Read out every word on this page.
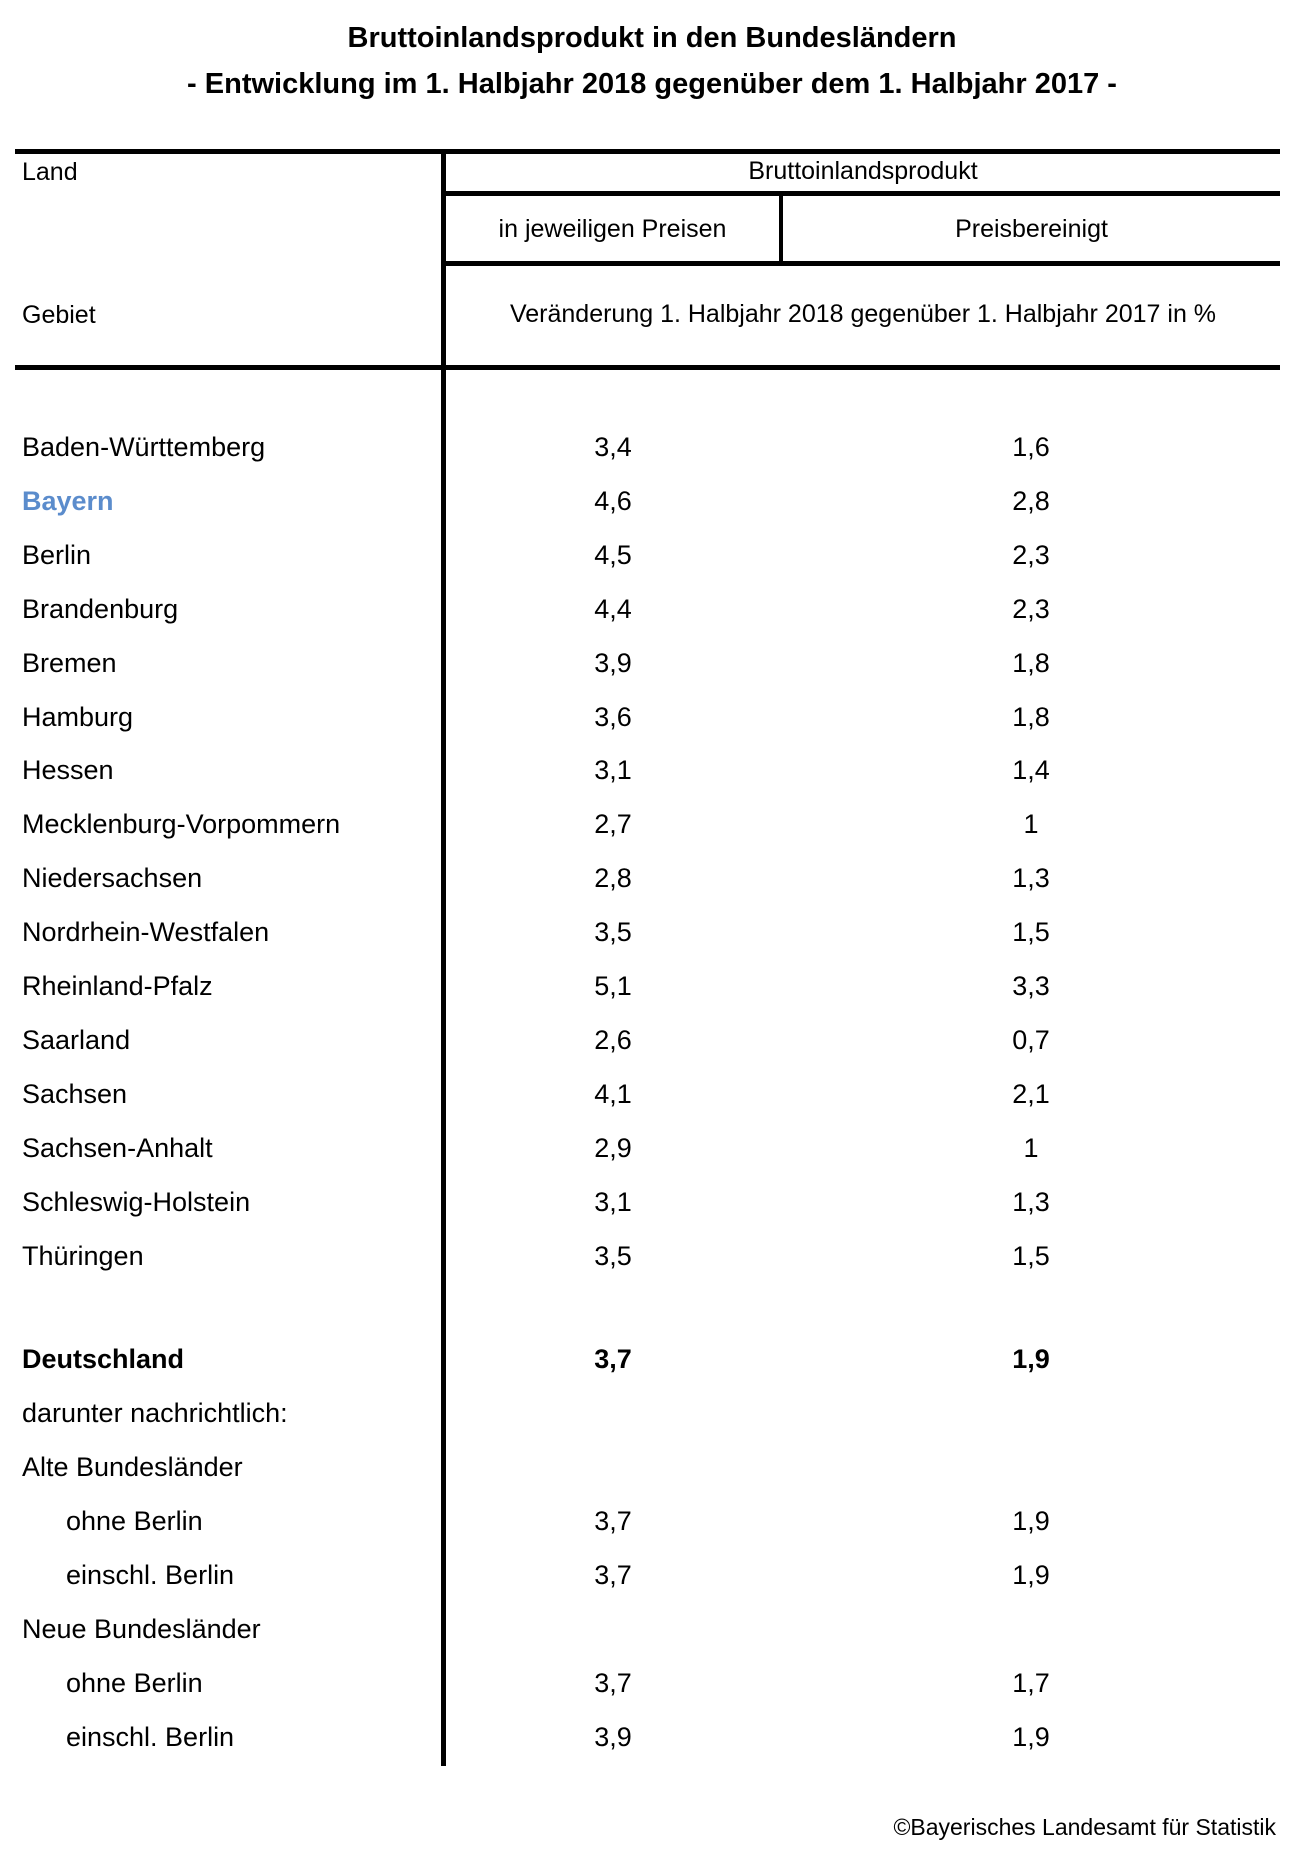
Bruttoinlandsprodukt in den Bundesländern
- Entwicklung im 1. Halbjahr 2018 gegenüber dem 1. Halbjahr 2017 -
Land
Gebiet
Bruttoinlandsprodukt
in jeweiligen Preisen	Preisbereinigt
Veränderung 1. Halbjahr 2018 gegenüber 1. Halbjahr 2017 in %
Baden-Württemberg	3,4	1,6
Bayern	4,6	2,8
Berlin	4,5	2,3
Brandenburg	4,4	2,3
Bremen	3,9	1,8
Hamburg	3,6	1,8
Hessen	3,1	1,4
Mecklenburg-Vorpommern	2,7	1
Niedersachsen	2,8	1,3
Nordrhein-Westfalen	3,5	1,5
Rheinland-Pfalz	5,1	3,3
Saarland	2,6	0,7
Sachsen	4,1	2,1
Sachsen-Anhalt	2,9	1
Schleswig-Holstein	3,1	1,3
Thüringen	3,5	1,5
Deutschland	3,7	1,9
darunter nachrichtlich:
Alte Bundesländer
ohne Berlin	3,7	1,9
einschl. Berlin	3,7	1,9
Neue Bundesländer
ohne Berlin	3,7	1,7
einschl. Berlin	3,9	1,9
©Bayerisches Landesamt für Statistik
